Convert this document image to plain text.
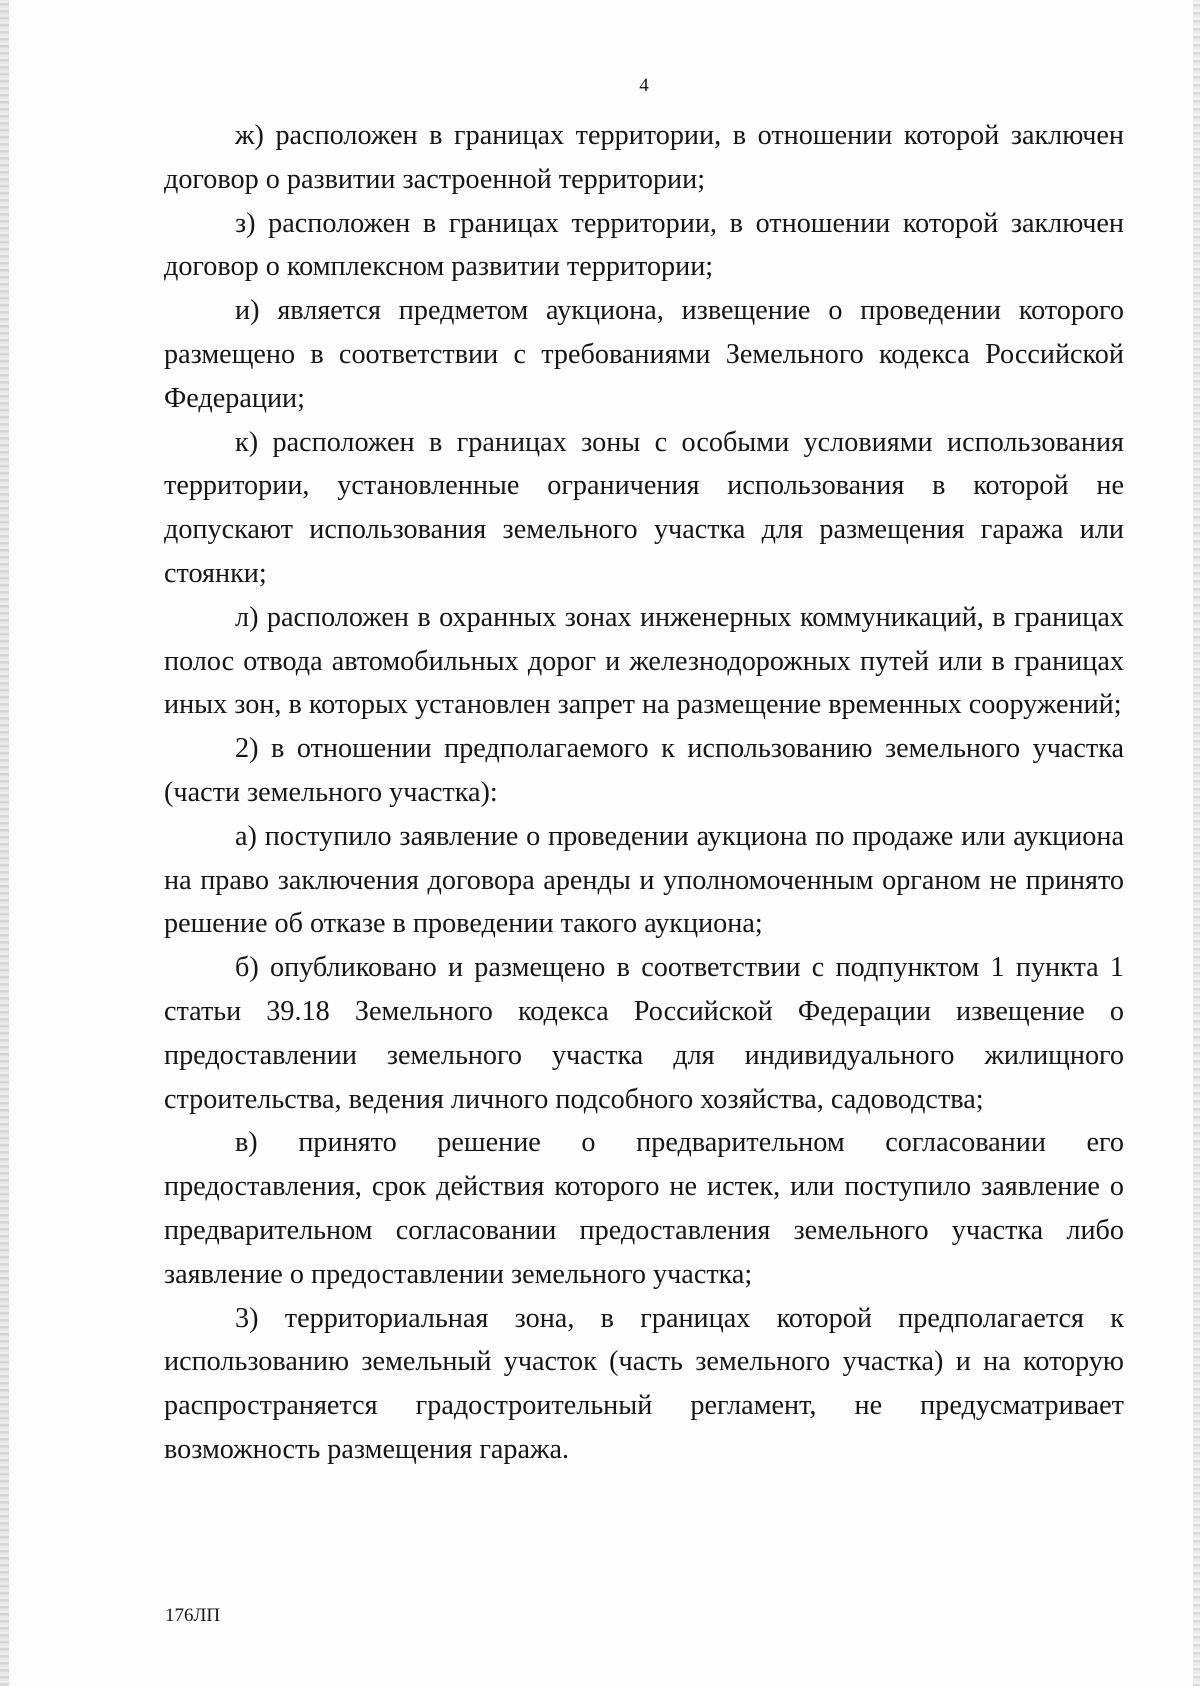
4

ж) расположен в границах территории, в отношении которой заключен договор о развитии застроенной территории;

з) расположен в границах территории, в отношении которой заключен договор о комплексном развитии территории;

и) является предметом аукциона, извещение о проведении которого размещено в соответствии с требованиями Земельного кодекса Российской Федерации;

к) расположен в границах зоны с особыми условиями использования территории, установленные ограничения использования в которой не допускают использования земельного участка для размещения гаража или стоянки;

л) расположен в охранных зонах инженерных коммуникаций, в границах полос отвода автомобильных дорог и железнодорожных путей или в границах иных зон, в которых установлен запрет на размещение временных сооружений;

2) в отношении предполагаемого к использованию земельного участка (части земельного участка):

а) поступило заявление о проведении аукциона по продаже или аукциона на право заключения договора аренды и уполномоченным органом не принято решение об отказе в проведении такого аукциона;

б) опубликовано и размещено в соответствии с подпунктом 1 пункта 1 статьи 39.18 Земельного кодекса Российской Федерации извещение о предоставлении земельного участка для индивидуального жилищного строительства, ведения личного подсобного хозяйства, садоводства;

в) принято решение о предварительном согласовании его предоставления, срок действия которого не истек, или поступило заявление о предварительном согласовании предоставления земельного участка либо заявление о предоставлении земельного участка;

3) территориальная зона, в границах которой предполагается к использованию земельный участок (часть земельного участка) и на которую распространяется градостроительный регламент, не предусматривает возможность размещения гаража.

176ЛП
